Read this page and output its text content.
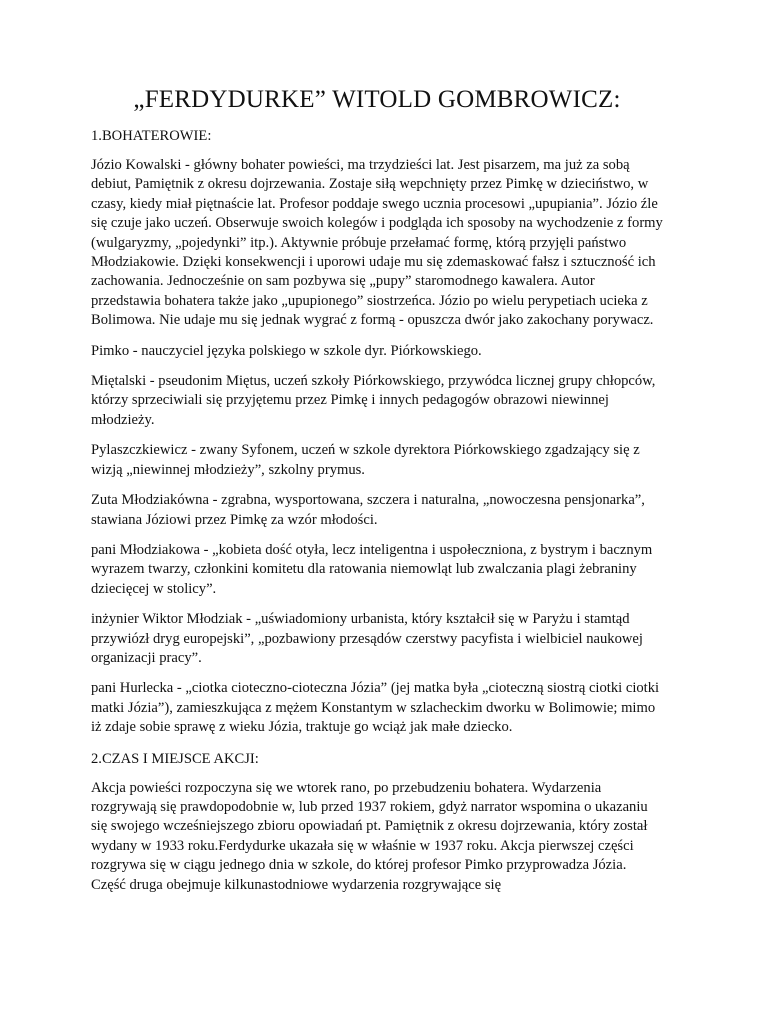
„FERDYDURKE” WITOLD GOMBROWICZ:

1.BOHATEROWIE:

Józio Kowalski - główny bohater powieści, ma trzydzieści lat. Jest pisarzem, ma już za sobą debiut, Pamiętnik z okresu dojrzewania. Zostaje siłą wepchnięty przez Pimkę w dzieciństwo, w czasy, kiedy miał piętnaście lat. Profesor poddaje swego ucznia procesowi „upupiania”. Józio źle się czuje jako uczeń. Obserwuje swoich kolegów i podgląda ich sposoby na wychodzenie z formy (wulgaryzmy, „pojedynki” itp.). Aktywnie próbuje przełamać formę, którą przyjęli państwo Młodziakowie. Dzięki konsekwencji i uporowi udaje mu się zdemaskować fałsz i sztuczność ich zachowania. Jednocześnie on sam pozbywa się „pupy” staromodnego kawalera. Autor przedstawia bohatera także jako „upupionego” siostrzeńca. Józio po wielu perypetiach ucieka z Bolimowa. Nie udaje mu się jednak wygrać z formą - opuszcza dwór jako zakochany porywacz.

Pimko - nauczyciel języka polskiego w szkole dyr. Piórkowskiego.

Miętalski - pseudonim Miętus, uczeń szkoły Piórkowskiego, przywódca licznej grupy chłopców, którzy sprzeciwiali się przyjętemu przez Pimkę i innych pedagogów obrazowi niewinnej młodzieży.

Pylaszczkiewicz - zwany Syfonem, uczeń w szkole dyrektora Piórkowskiego zgadzający się z wizją „niewinnej młodzieży”, szkolny prymus.

Zuta Młodziakówna - zgrabna, wysportowana, szczera i naturalna, „nowoczesna pensjonarka”, stawiana Józiowi przez Pimkę za wzór młodości.

pani Młodziakowa - „kobieta dość otyła, lecz inteligentna i uspołeczniona, z bystrym i bacznym wyrazem twarzy, członkini komitetu dla ratowania niemowląt lub zwalczania plagi żebraniny dziecięcej w stolicy”.

inżynier Wiktor Młodziak - „uświadomiony urbanista, który kształcił się w Paryżu i stamtąd przywiózł dryg europejski”, „pozbawiony przesądów czerstwy pacyfista i wielbiciel naukowej organizacji pracy”.

pani Hurlecka - „ciotka cioteczno-cioteczna Józia” (jej matka była „cioteczną siostrą ciotki ciotki matki Józia”), zamieszkująca z mężem Konstantym w szlacheckim dworku w Bolimowie; mimo iż zdaje sobie sprawę z wieku Józia, traktuje go wciąż jak małe dziecko.

2.CZAS I MIEJSCE AKCJI:

Akcja powieści rozpoczyna się we wtorek rano, po przebudzeniu bohatera. Wydarzenia rozgrywają się prawdopodobnie w, lub przed 1937 rokiem, gdyż narrator wspomina o ukazaniu się swojego wcześniejszego zbioru opowiadań pt. Pamiętnik z okresu dojrzewania, który został wydany w 1933 roku.Ferdydurke ukazała się w właśnie w 1937 roku. Akcja pierwszej części rozgrywa się w ciągu jednego dnia w szkole, do której profesor Pimko przyprowadza Józia. Część druga obejmuje kilkunastodniowe wydarzenia rozgrywające się
